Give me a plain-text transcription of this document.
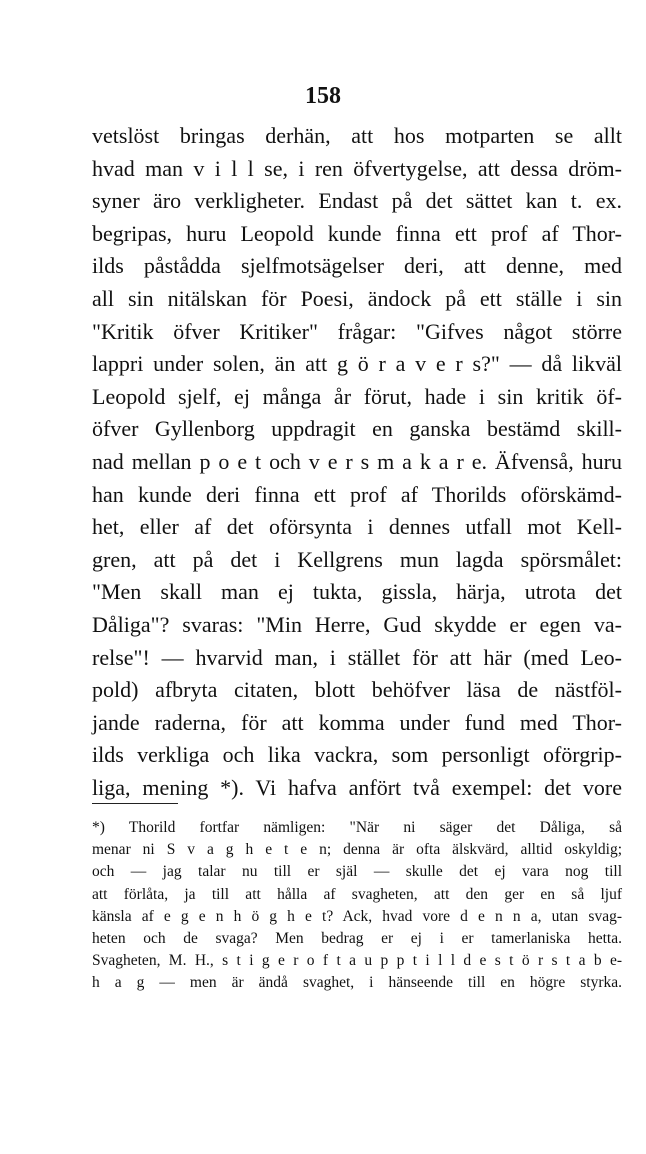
158
vetslöst bringas derhän, att hos motparten se allt
hvad man v i l l se, i ren öfvertygelse, att dessa dröm-
syner äro verkligheter. Endast på det sättet kan t. ex.
begripas, huru Leopold kunde finna ett prof af Thor-
ilds påstådda sjelfmotsägelser deri, att denne, med
all sin nitälskan för Poesi, ändock på ett ställe i sin
"Kritik öfver Kritiker" frågar: "Gifves något större
lappri under solen, än att g ö r a v e r s?" — då likväl
Leopold sjelf, ej många år förut, hade i sin kritik öf-
öfver Gyllenborg uppdragit en ganska bestämd skill-
nad mellan p o e t och v e r s m a k a r e. Äfvenså, huru
han kunde deri finna ett prof af Thorilds oförskämd-
het, eller af det oförsynta i dennes utfall mot Kell-
gren, att på det i Kellgrens mun lagda spörsmålet:
"Men skall man ej tukta, gissla, härja, utrota det
Dåliga"? svaras: "Min Herre, Gud skydde er egen va-
relse"! — hvarvid man, i stället för att här (med Leo-
pold) afbryta citaten, blott behöfver läsa de nästföl-
jande raderna, för att komma under fund med Thor-
ilds verkliga och lika vackra, som personligt oförgrip-
liga, mening *). Vi hafva anfört två exempel: det vore
*) Thorild fortfar nämligen: "När ni säger det Dåliga, så
menar ni S v a g h e t e n; denna är ofta älskvärd, alltid oskyldig;
och — jag talar nu till er själ — skulle det ej vara nog till
att förlåta, ja till att hålla af svagheten, att den ger en så ljuf
känsla af e g e n h ö g h e t? Ack, hvad vore d e n n a, utan svag-
heten och de svaga? Men bedrag er ej i er tamerlaniska hetta.
Svagheten, M. H., s t i g e r o f t a u p p t i l l d e s t ö r s t a b e-
h a g — men är ändå svaghet, i hänseende till en högre styrka.
